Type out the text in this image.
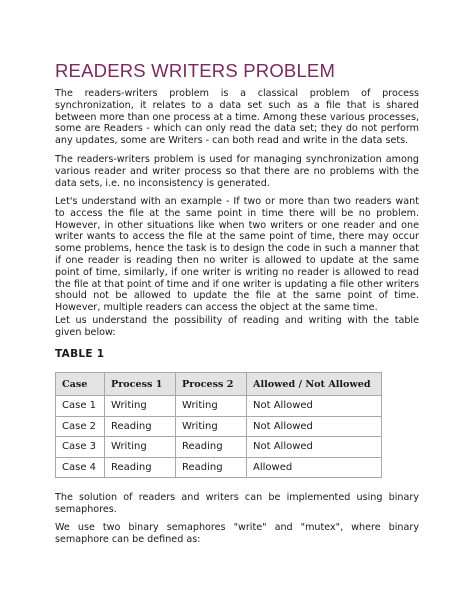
READERS WRITERS PROBLEM

The readers-writers problem is a classical problem of process synchronization, it relates to a data set such as a file that is shared between more than one process at a time. Among these various processes, some are Readers - which can only read the data set; they do not perform any updates, some are Writers - can both read and write in the data sets.

The readers-writers problem is used for managing synchronization among various reader and writer process so that there are no problems with the data sets, i.e. no inconsistency is generated.

Let's understand with an example - If two or more than two readers want to access the file at the same point in time there will be no problem. However, in other situations like when two writers or one reader and one writer wants to access the file at the same point of time, there may occur some problems, hence the task is to design the code in such a manner that if one reader is reading then no writer is allowed to update at the same point of time, similarly, if one writer is writing no reader is allowed to read the file at that point of time and if one writer is updating a file other writers should not be allowed to update the file at the same point of time. However, multiple readers can access the object at the same time.

Let us understand the possibility of reading and writing with the table given below:

TABLE 1

Case	Process 1	Process 2	Allowed / Not Allowed
Case 1	Writing	Writing	Not Allowed
Case 2	Reading	Writing	Not Allowed
Case 3	Writing	Reading	Not Allowed
Case 4	Reading	Reading	Allowed

The solution of readers and writers can be implemented using binary semaphores.

We use two binary semaphores "write" and "mutex", where binary semaphore can be defined as:
